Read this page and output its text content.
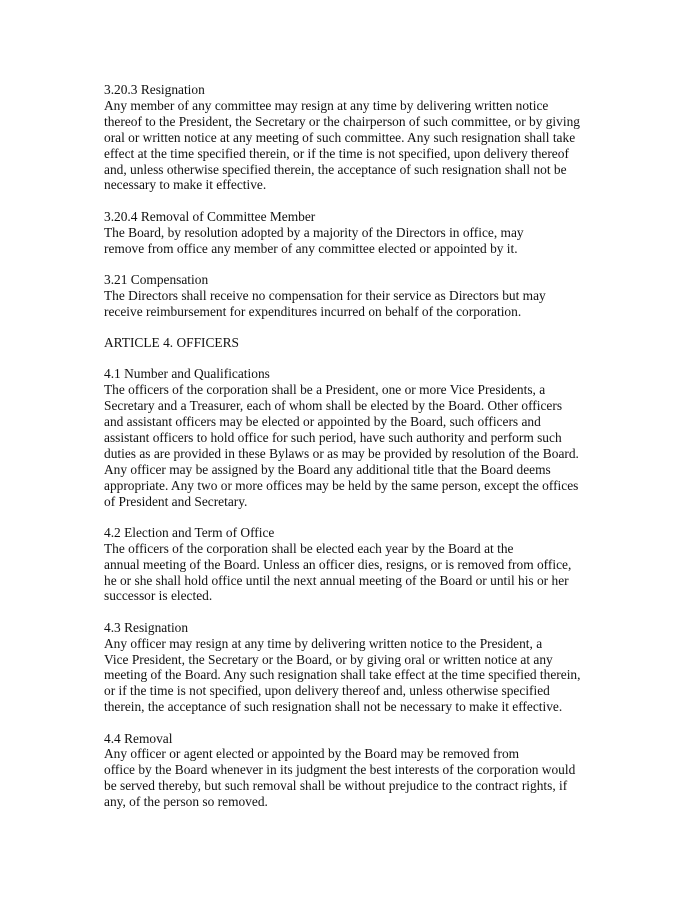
3.20.3 Resignation
Any member of any committee may resign at any time by delivering written notice
thereof to the President, the Secretary or the chairperson of such committee, or by giving
oral or written notice at any meeting of such committee. Any such resignation shall take
effect at the time specified therein, or if the time is not specified, upon delivery thereof
and, unless otherwise specified therein, the acceptance of such resignation shall not be
necessary to make it effective.
3.20.4 Removal of Committee Member
The Board, by resolution adopted by a majority of the Directors in office, may
remove from office any member of any committee elected or appointed by it.
3.21 Compensation
The Directors shall receive no compensation for their service as Directors but may
receive reimbursement for expenditures incurred on behalf of the corporation.
ARTICLE 4. OFFICERS
4.1 Number and Qualifications
The officers of the corporation shall be a President, one or more Vice Presidents, a
Secretary and a Treasurer, each of whom shall be elected by the Board. Other officers
and assistant officers may be elected or appointed by the Board, such officers and
assistant officers to hold office for such period, have such authority and perform such
duties as are provided in these Bylaws or as may be provided by resolution of the Board.
Any officer may be assigned by the Board any additional title that the Board deems
appropriate. Any two or more offices may be held by the same person, except the offices
of President and Secretary.
4.2 Election and Term of Office
The officers of the corporation shall be elected each year by the Board at the
annual meeting of the Board. Unless an officer dies, resigns, or is removed from office,
he or she shall hold office until the next annual meeting of the Board or until his or her
successor is elected.
4.3 Resignation
Any officer may resign at any time by delivering written notice to the President, a
Vice President, the Secretary or the Board, or by giving oral or written notice at any
meeting of the Board. Any such resignation shall take effect at the time specified therein,
or if the time is not specified, upon delivery thereof and, unless otherwise specified
therein, the acceptance of such resignation shall not be necessary to make it effective.
4.4 Removal
Any officer or agent elected or appointed by the Board may be removed from
office by the Board whenever in its judgment the best interests of the corporation would
be served thereby, but such removal shall be without prejudice to the contract rights, if
any, of the person so removed.
